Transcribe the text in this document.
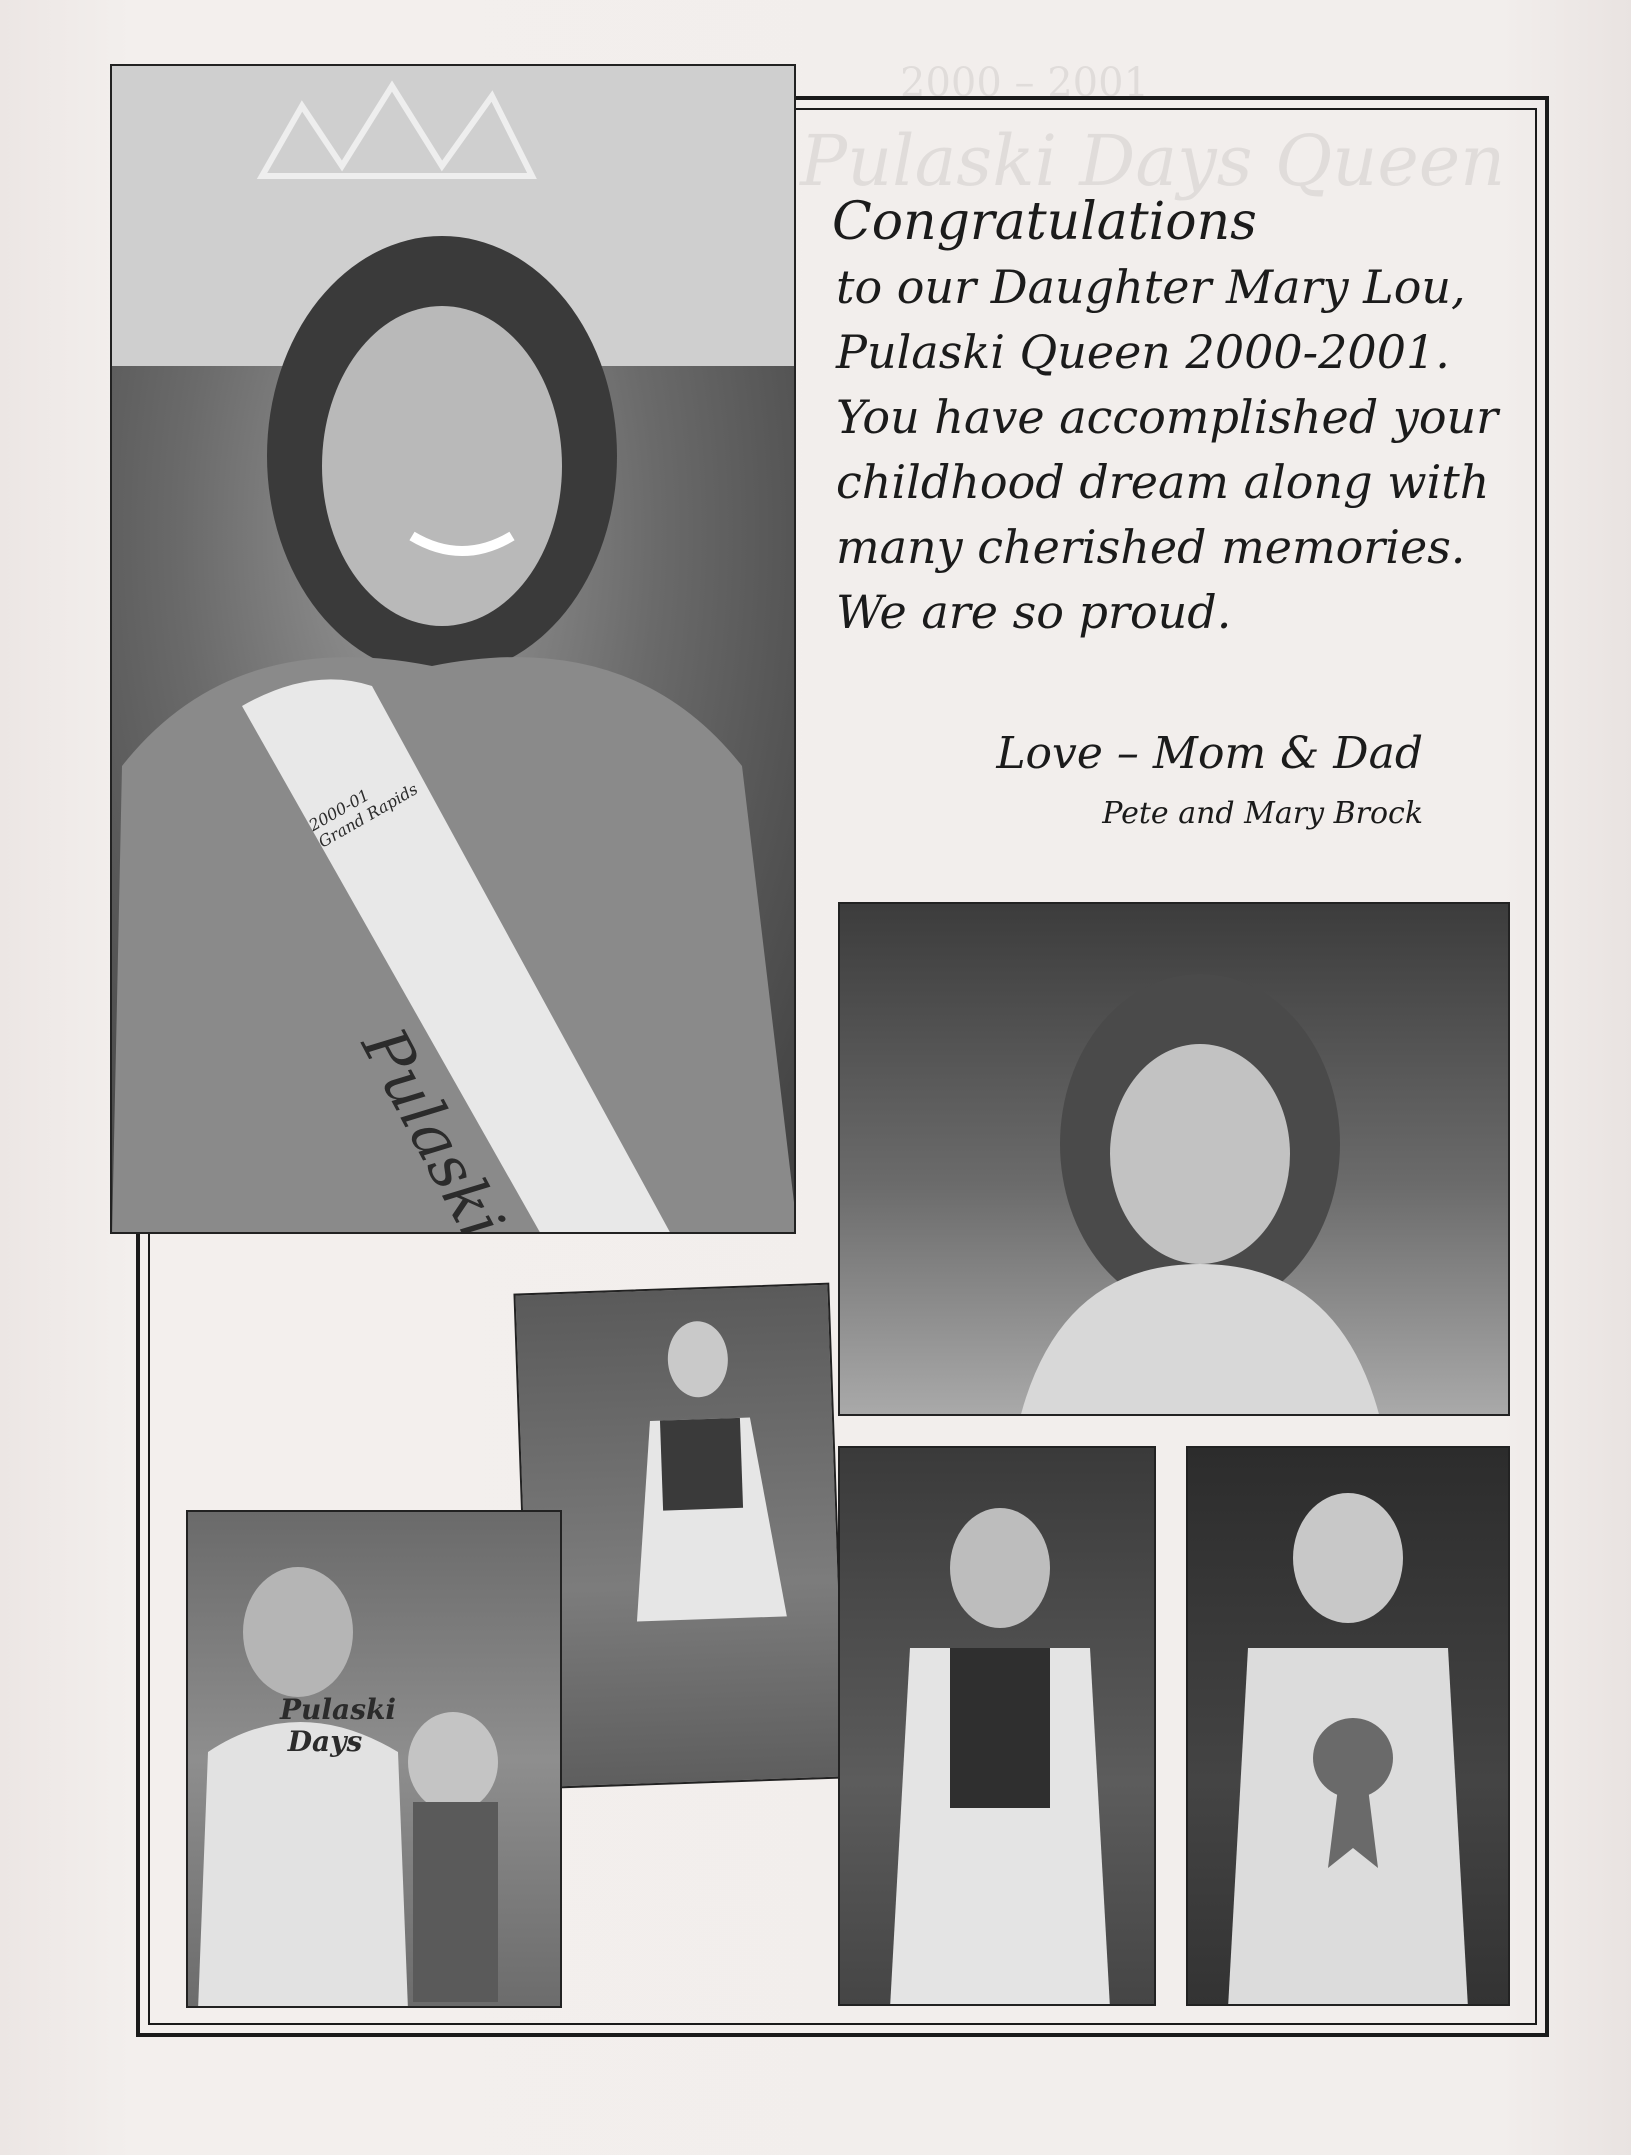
2000 – 2001
Pulaski Days Queen
2000-01 Grand Rapids
Congratulations
to our Daughter Mary Lou,
Pulaski Queen 2000-2001.
You have accomplished your
childhood dream along with
many cherished memories.
We are so proud.
Love – Mom & Dad
Pete and Mary Brock
Pulaski Days
